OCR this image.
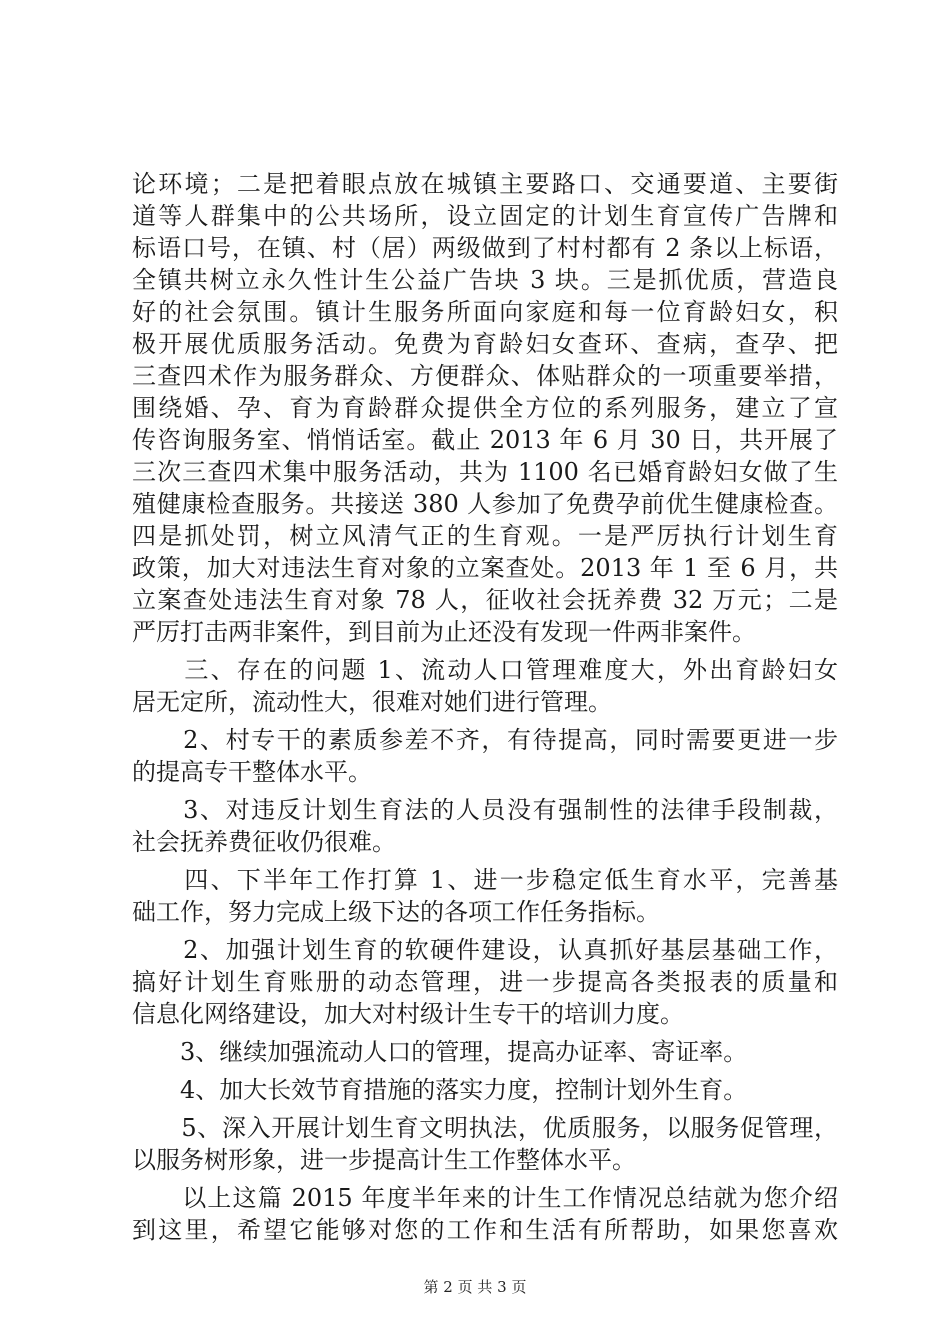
论环境；二是把着眼点放在城镇主要路口、交通要道、主要街
道等人群集中的公共场所，设立固定的计划生育宣传广告牌和
标语口号，在镇、村（居）两级做到了村村都有 2 条以上标语，
全镇共树立永久性计生公益广告块 3 块。三是抓优质，营造良
好的社会氛围。镇计生服务所面向家庭和每一位育龄妇女，积
极开展优质服务活动。免费为育龄妇女查环、查病，查孕、把
三查四术作为服务群众、方便群众、体贴群众的一项重要举措，
围绕婚、孕、育为育龄群众提供全方位的系列服务，建立了宣
传咨询服务室、悄悄话室。截止 2013 年 6 月 30 日，共开展了
三次三查四术集中服务活动，共为 1100 名已婚育龄妇女做了生
殖健康检查服务。共接送 380 人参加了免费孕前优生健康检查。
四是抓处罚，树立风清气正的生育观。一是严厉执行计划生育
政策，加大对违法生育对象的立案查处。2013 年 1 至 6 月，共
立案查处违法生育对象 78 人，征收社会抚养费 32 万元；二是
严厉打击两非案件，到目前为止还没有发现一件两非案件。
　　三、存在的问题 1、流动人口管理难度大，外出育龄妇女
居无定所，流动性大，很难对她们进行管理。
　　2、村专干的素质参差不齐，有待提高，同时需要更进一步
的提高专干整体水平。
　　3、对违反计划生育法的人员没有强制性的法律手段制裁，
社会抚养费征收仍很难。
　　四、下半年工作打算 1、进一步稳定低生育水平，完善基
础工作，努力完成上级下达的各项工作任务指标。
　　2、加强计划生育的软硬件建设，认真抓好基层基础工作，
搞好计划生育账册的动态管理，进一步提高各类报表的质量和
信息化网络建设，加大对村级计生专干的培训力度。
　　3、继续加强流动人口的管理，提高办证率、寄证率。
　　4、加大长效节育措施的落实力度，控制计划外生育。
　　5、深入开展计划生育文明执法，优质服务，以服务促管理，
以服务树形象，进一步提高计生工作整体水平。
　　以上这篇 2015 年度半年来的计生工作情况总结就为您介绍
到这里，希望它能够对您的工作和生活有所帮助，如果您喜欢
第 2 页 共 3 页
